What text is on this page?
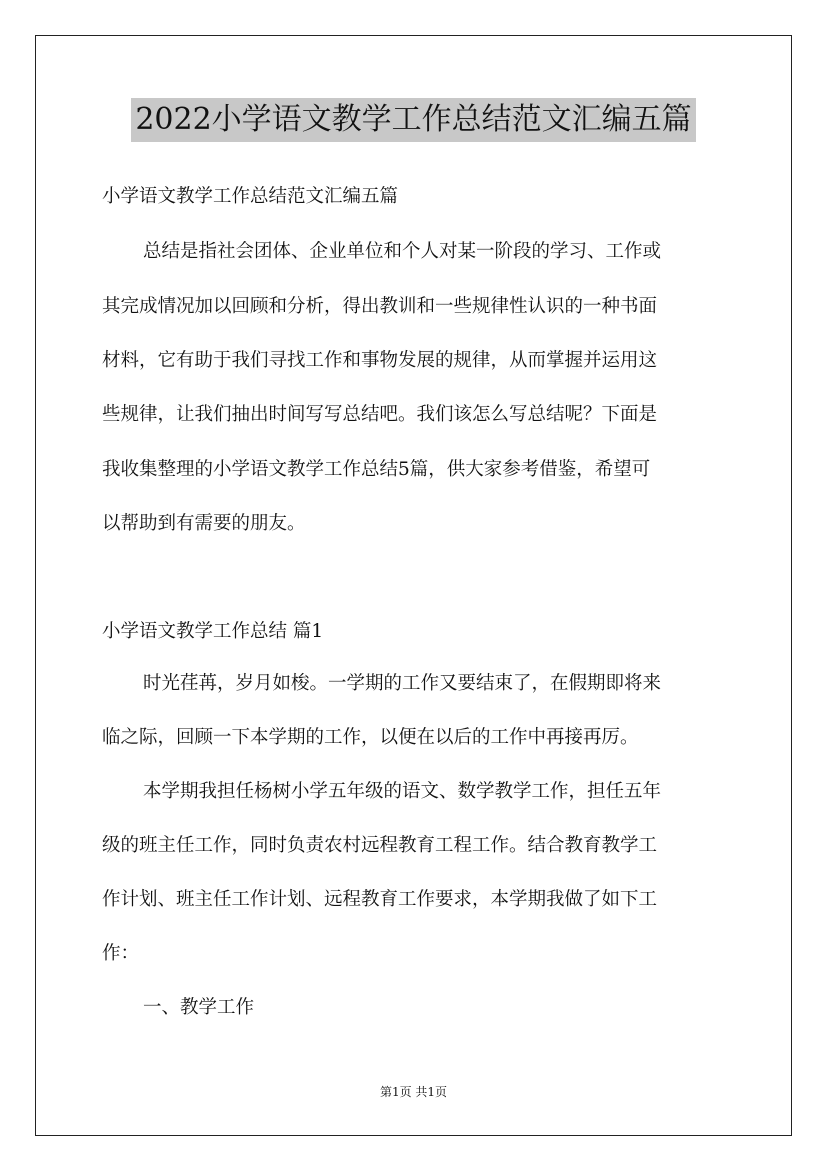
2022小学语文教学工作总结范文汇编五篇
小学语文教学工作总结范文汇编五篇
总结是指社会团体、企业单位和个人对某一阶段的学习、工作或
其完成情况加以回顾和分析，得出教训和一些规律性认识的一种书面
材料，它有助于我们寻找工作和事物发展的规律，从而掌握并运用这
些规律，让我们抽出时间写写总结吧。我们该怎么写总结呢？下面是
我收集整理的小学语文教学工作总结5篇，供大家参考借鉴，希望可
以帮助到有需要的朋友。
小学语文教学工作总结 篇1
时光荏苒，岁月如梭。一学期的工作又要结束了，在假期即将来
临之际，回顾一下本学期的工作，以便在以后的工作中再接再厉。
本学期我担任杨树小学五年级的语文、数学教学工作，担任五年
级的班主任工作，同时负责农村远程教育工程工作。结合教育教学工
作计划、班主任工作计划、远程教育工作要求，本学期我做了如下工
作：
一、教学工作
第1页 共1页
